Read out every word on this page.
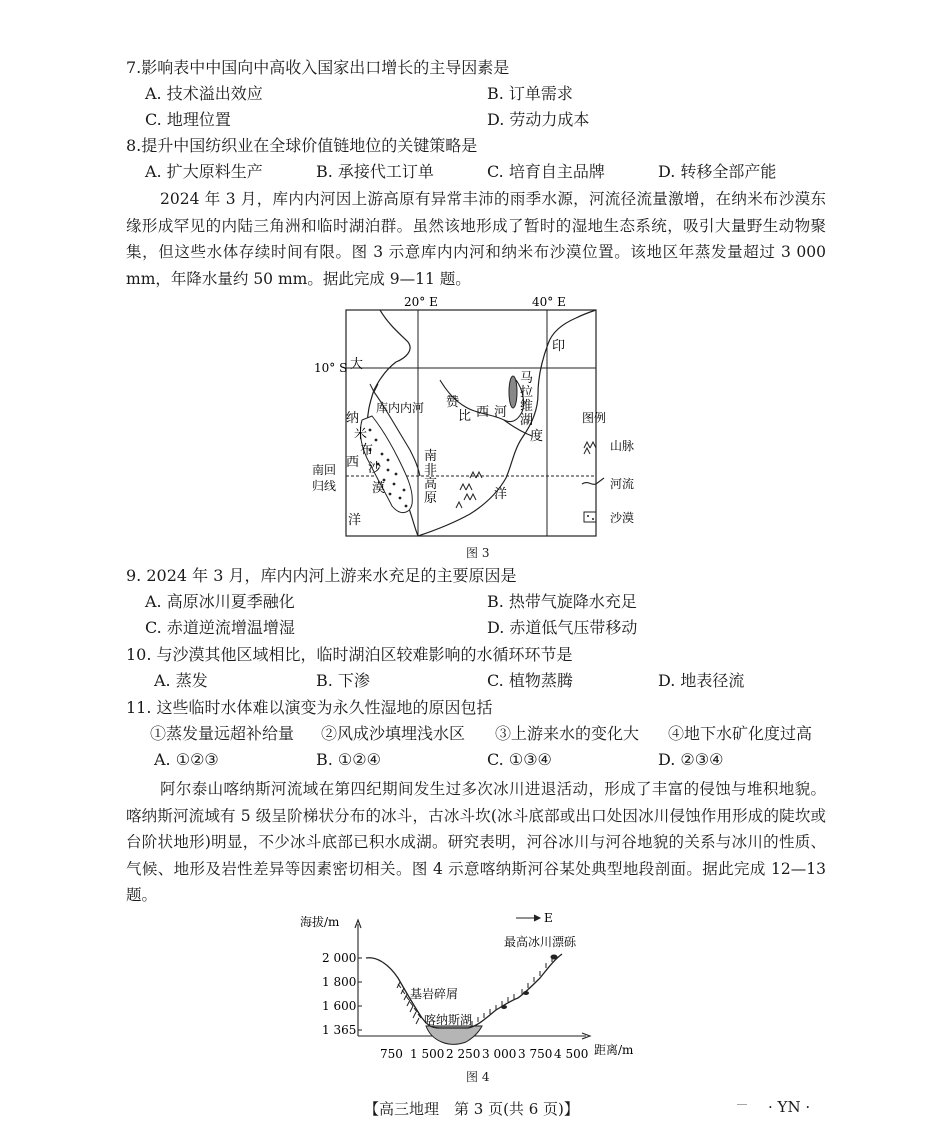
7.影响表中中国向中高收入国家出口增长的主导因素是
A. 技术溢出效应	B. 订单需求
C. 地理位置	D. 劳动力成本
8.提升中国纺织业在全球价值链地位的关键策略是
A. 扩大原料生产	B. 承接代工订单	C. 培育自主品牌	D. 转移全部产能
2024 年 3 月，库内内河因上游高原有异常丰沛的雨季水源，河流径流量激增，在纳米布沙漠东缘形成罕见的内陆三角洲和临时湖泊群。虽然该地形成了暂时的湿地生态系统，吸引大量野生动物聚集，但这些水体存续时间有限。图 3 示意库内内河和纳米布沙漠位置。该地区年蒸发量超过 3 000 mm，年降水量约 50 mm。据此完成 9—11 题。
20° E	40° E
10° S
南回
归线
大
西
洋
印
度
洋
纳
米
布
沙
漠
库内内河 赞
比 西 河
马
拉
维
湖
南
非
高
原
图例
山脉
河流
沙漠
图 3
9. 2024 年 3 月，库内内河上游来水充足的主要原因是
A. 高原冰川夏季融化	B. 热带气旋降水充足
C. 赤道逆流增温增湿	D. 赤道低气压带移动
10. 与沙漠其他区域相比，临时湖泊区较难影响的水循环环节是
A. 蒸发	B. 下渗	C. 植物蒸腾	D. 地表径流
11. 这些临时水体难以演变为永久性湿地的原因包括
①蒸发量远超补给量 ②风成沙填埋浅水区 ③上游来水的变化大 ④地下水矿化度过高
A. ①②③	B. ①②④	C. ①③④	D. ②③④
阿尔泰山喀纳斯河流域在第四纪期间发生过多次冰川进退活动，形成了丰富的侵蚀与堆积地貌。喀纳斯河流域有 5 级呈阶梯状分布的冰斗，古冰斗坎(冰斗底部或出口处因冰川侵蚀作用形成的陡坎或台阶状地形)明显，不少冰斗底部已积水成湖。研究表明，河谷冰川与河谷地貌的关系与冰川的性质、气候、地形及岩性差异等因素密切相关。图 4 示意喀纳斯河谷某处典型地段剖面。据此完成 12—13 题。
2 000
1 800
1 600
1 365
750 1 500 2 250 3 000 3 750 4 500
海拔/m
距离/m
E
基岩碎屑
喀纳斯湖
最高冰川漂砾
图 4
【高三地理　第 3 页(共 6 页)】
__ · YN ·
